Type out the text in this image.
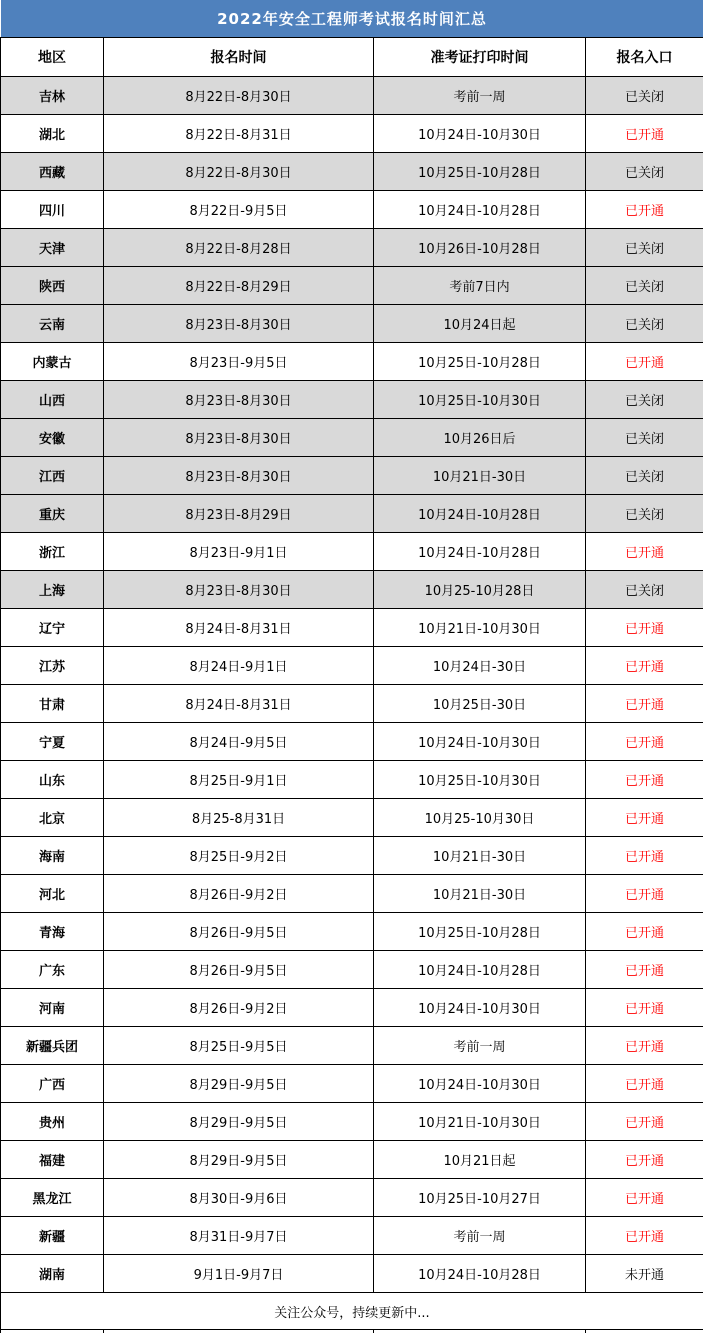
2022年安全工程师考试报名时间汇总			
地区	报名时间	准考证打印时间	报名入口
吉林	8月22日-8月30日	考前一周	已关闭
湖北	8月22日-8月31日	10月24日-10月30日	已开通
西藏	8月22日-8月30日	10月25日-10月28日	已关闭
四川	8月22日-9月5日	10月24日-10月28日	已开通
天津	8月22日-8月28日	10月26日-10月28日	已关闭
陕西	8月22日-8月29日	考前7日内	已关闭
云南	8月23日-8月30日	10月24日起	已关闭
内蒙古	8月23日-9月5日	10月25日-10月28日	已开通
山西	8月23日-8月30日	10月25日-10月30日	已关闭
安徽	8月23日-8月30日	10月26日后	已关闭
江西	8月23日-8月30日	10月21日-30日	已关闭
重庆	8月23日-8月29日	10月24日-10月28日	已关闭
浙江	8月23日-9月1日	10月24日-10月28日	已开通
上海	8月23日-8月30日	10月25-10月28日	已关闭
辽宁	8月24日-8月31日	10月21日-10月30日	已开通
江苏	8月24日-9月1日	10月24日-30日	已开通
甘肃	8月24日-8月31日	10月25日-30日	已开通
宁夏	8月24日-9月5日	10月24日-10月30日	已开通
山东	8月25日-9月1日	10月25日-10月30日	已开通
北京	8月25-8月31日	10月25-10月30日	已开通
海南	8月25日-9月2日	10月21日-30日	已开通
河北	8月26日-9月2日	10月21日-30日	已开通
青海	8月26日-9月5日	10月25日-10月28日	已开通
广东	8月26日-9月5日	10月24日-10月28日	已开通
河南	8月26日-9月2日	10月24日-10月30日	已开通
新疆兵团	8月25日-9月5日	考前一周	已开通
广西	8月29日-9月5日	10月24日-10月30日	已开通
贵州	8月29日-9月5日	10月21日-10月30日	已开通
福建	8月29日-9月5日	10月21日起	已开通
黑龙江	8月30日-9月6日	10月25日-10月27日	已开通
新疆	8月31日-9月7日	考前一周	已开通
湖南	9月1日-9月7日	10月24日-10月28日	未开通
关注公众号，持续更新中...			
